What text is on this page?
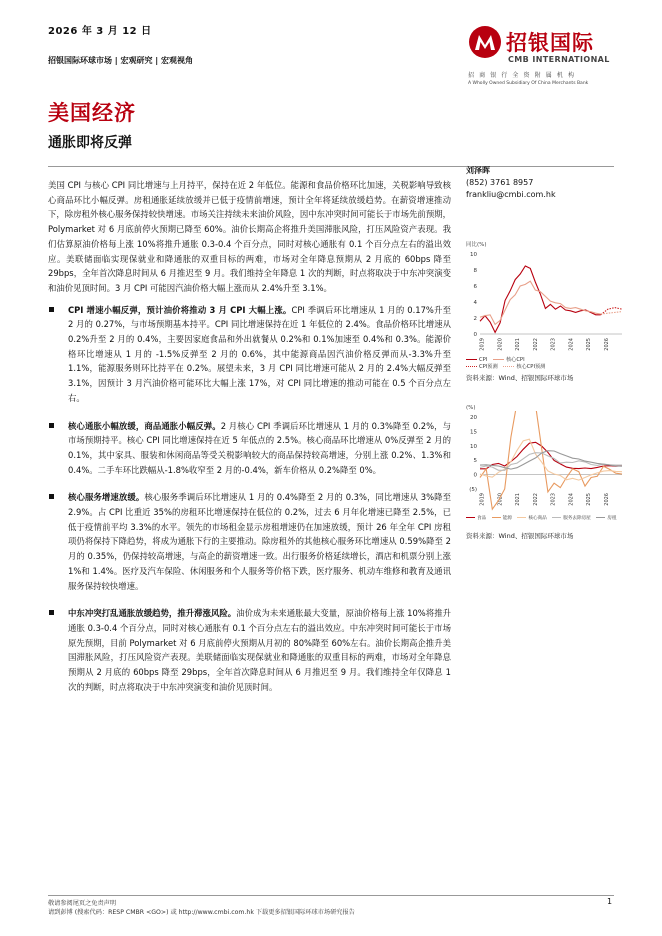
2026 年 3 月 12 日
招银国际环球市场 | 宏观研究 | 宏观视角
招银国际
CMB INTERNATIONAL
招 商 银 行 全 资 附 属 机 构
A Wholly Owned Subsidiary Of China Merchants Bank
美国经济
通胀即将反弹

美国 CPI 与核心 CPI 同比增速与上月持平，保持在近 2 年低位。能源和食品价格环比加速，关税影响导致核心商品环比小幅反弹。房租通胀延续放缓并已低于疫情前增速，预计全年将延续放缓趋势。在薪资增速推动下，除房租外核心服务保持较快增速。市场关注持续未来油价风险，因中东冲突时间可能长于市场先前预期，Polymarket 对 6 月底前停火预期已降至 60%。油价长期高企将推升美国滞胀风险，打压风险资产表现。我们估算原油价格每上涨 10%将推升通胀 0.3-0.4 个百分点，同时对核心通胀有 0.1 个百分点左右的溢出效应。美联储面临实现保就业和降通胀的双重目标的两难，市场对全年降息预期从 2 月底的 60bps 降至 29bps，全年首次降息时间从 6 月推迟至 9 月。我们维持全年降息 1 次的判断，时点将取决于中东冲突演变和油价见顶时间。3 月 CPI 可能因汽油价格大幅上涨而从 2.4%升至 3.1%。

CPI 增速小幅反弹，预计油价将推动 3 月 CPI 大幅上涨。CPI 季调后环比增速从 1 月的 0.17%升至 2 月的 0.27%，与市场预期基本持平。CPI 同比增速保持在近 1 年低位的 2.4%。食品价格环比增速从 0.2%升至 2 月的 0.4%，主要因家庭食品和外出就餐从 0.2%和 0.1%加速至 0.4%和 0.3%。能源价格环比增速从 1 月的 -1.5%反弹至 2 月的 0.6%，其中能源商品因汽油价格反弹而从-3.3%升至 1.1%，能源服务则环比持平在 0.2%。展望未来，3 月 CPI 同比增速可能从 2 月的 2.4%大幅反弹至 3.1%，因预计 3 月汽油价格可能环比大幅上涨 17%，对 CPI 同比增速的推动可能在 0.5 个百分点左右。
核心通胀小幅放缓，商品通胀小幅反弹。2 月核心 CPI 季调后环比增速从 1 月的 0.3%降至 0.2%，与市场预期持平。核心 CPI 同比增速保持在近 5 年低点的 2.5%。核心商品环比增速从 0%反弹至 2 月的 0.1%，其中家具、服装和休闲商品等受关税影响较大的商品保持较高增速，分别上涨 0.2%、1.3%和 0.4%。二手车环比跌幅从-1.8%收窄至 2 月的-0.4%，新车价格从 0.2%降至 0%。
核心服务增速放缓。核心服务季调后环比增速从 1 月的 0.4%降至 2 月的 0.3%，同比增速从 3%降至 2.9%。占 CPI 比重近 35%的房租环比增速保持在低位的 0.2%，过去 6 月年化增速已降至 2.5%，已低于疫情前平均 3.3%的水平。领先的市场租金显示房租增速仍在加速放缓，预计 26 年全年 CPI 房租项仍将保持下降趋势，将成为通胀下行的主要推动。除房租外的其他核心服务环比增速从 0.59%降至 2 月的 0.35%，仍保持较高增速，与高企的薪资增速一致。出行服务价格延续增长，酒店和机票分别上涨 1%和 1.4%。医疗及汽车保险、休闲服务和个人服务等价格下跌，医疗服务、机动车维修和教育及通讯服务保持较快增速。
中东冲突打乱通胀放缓趋势，推升滞涨风险。油价成为未来通胀最大变量，原油价格每上涨 10%将推升通胀 0.3-0.4 个百分点，同时对核心通胀有 0.1 个百分点左右的溢出效应。中东冲突时间可能长于市场原先预期，目前 Polymarket 对 6 月底前停火预期从月初的 80%降至 60%左右。油价长期高企推升美国滞胀风险，打压风险资产表现。美联储面临实现保就业和降通胀的双重目标的两难，市场对全年降息预期从 2 月底的 60bps 降至 29bps，全年首次降息时间从 6 月推迟至 9 月。我们维持全年仅降息 1 次的判断，时点将取决于中东冲突演变和油价见顶时间。
刘泽晖
(852) 3761 8957
frankliu@cmbi.com.hk
同比(%)
0
2
4
6
8
10
2019 2020 2021 2022 2023 2024 2025 2026
CPI	核心CPI
CPI预测	核心CPI预测
资料来源：Wind、招银国际环球市场
(%)
(5)
0
5
10
15
20
2019 2020 2021 2022 2023 2024 2025 2026
食品	能源	核心商品	服务去除房屋	房租
资料来源：Wind、招银国际环球市场
敬请参阅尾页之免责声明
请到彭博 (搜索代码：RESP CMBR <GO>) 或 http://www.cmbi.com.hk 下载更多招银国际环球市场研究报告
1
